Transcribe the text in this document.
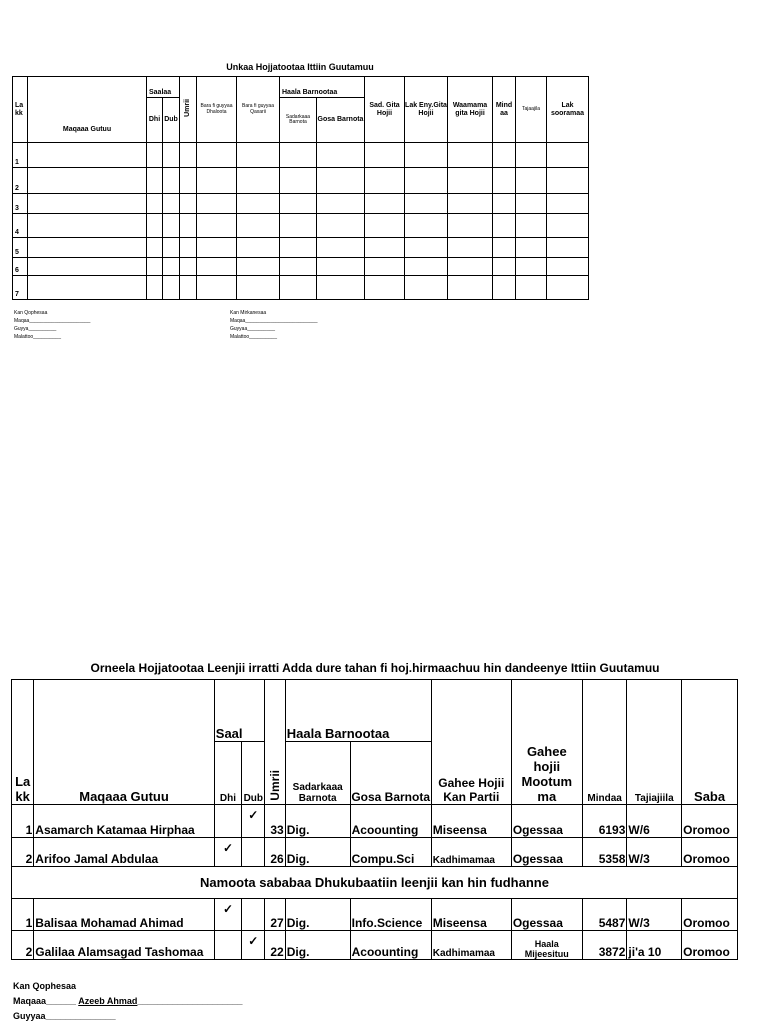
Unkaa Hojjatootaa Ittiin Guutamuu
La kk	Maqaaa Gutuu	Saalaa		Umrii	Bara fi guyyaa Dhaloota	Bara fi guyyaa Qaxarii	Haala Barnootaa		Sad. Gita Hojii	Lak Eny.Gita Hojii	Waamama gita Hojii	Mind aa	Tajaajila	Lak sooramaa
		Dhi	Dub				Sadarkaaa Barnota	Gosa Barnota						
1														
2														
3														
4														
5														
6														
7														
Kan Qophesaa
Maqaa______________________
Guyya__________
Malattoo__________
Kan Mirkanesaa
Maqaa__________________________
Guyyaa__________
Malattoo__________
Orneela Hojjatootaa Leenjii irratti Adda dure tahan fi hoj.hirmaachuu hin dandeenye Ittiin Guutamuu
La kk	Maqaaa Gutuu	Saal		Umrii	Haala Barnootaa		Gahee Hojii Kan Partii	Gahee hojii Mootum ma	Mindaa	Tajiajiila	Saba
		Dhi	Dub		Sadarkaaa Barnota	Gosa Barnota					
1	Asamarch Katamaa Hirphaa		✓	33	Dig.	Acoounting	Miseensa	Ogessaa	6193	W/6	Oromoo
2	Arifoo Jamal Abdulaa	✓		26	Dig.	Compu.Sci	Kadhimamaa	Ogessaa	5358	W/3	Oromoo
Namoota sababaa Dhukubaatiin leenjii kan hin fudhanne											
1	Balisaa Mohamad Ahimad	✓		27	Dig.	Info.Science	Miseensa	Ogessaa	5487	W/3	Oromoo
2	Galilaa Alamsagad Tashomaa		✓	22	Dig.	Acoounting	Kadhimamaa	Haala Mijeesituu	3872	ji'a 10	Oromoo
Kan Qophesaa
Maqaaa______ Azeeb Ahmad_____________________
Guyyaa______________
